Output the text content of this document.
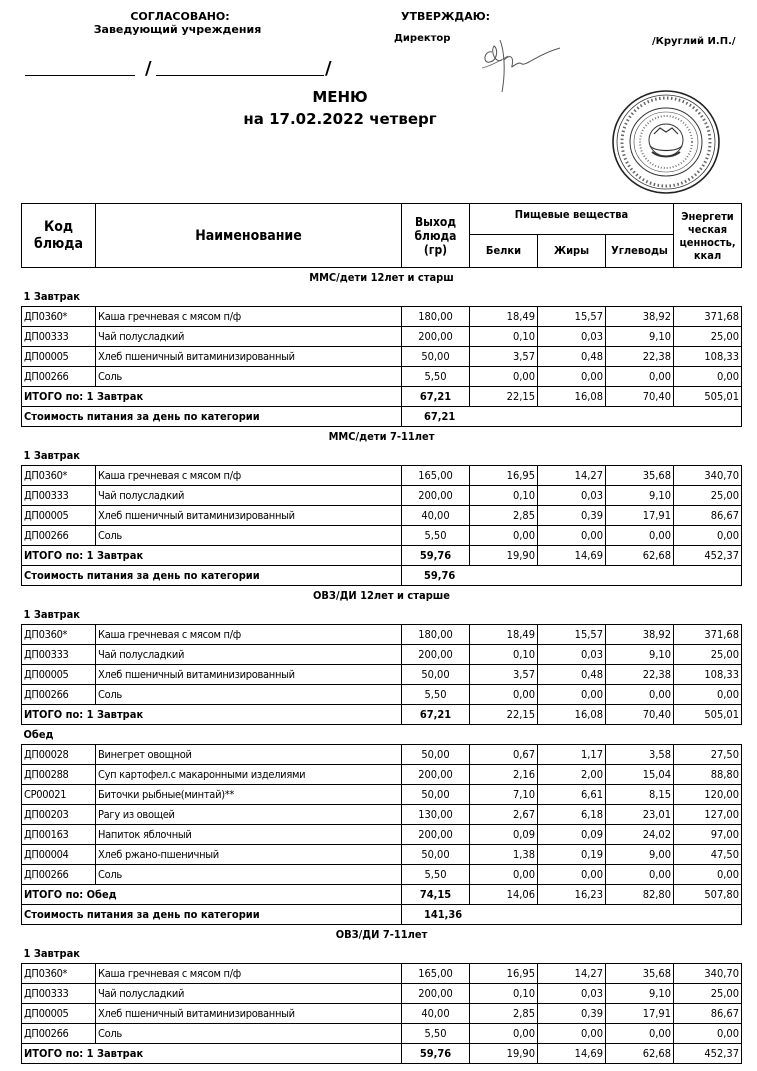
СОГЛАСОВАНО:
Заведующий учреждения
/	/
УТВЕРЖДАЮ:
Директор	/Круглий И.П./
МЕНЮ
на 17.02.2022 четверг
Код блюда	Наименование	Выход блюда (гр)	Пищевые вещества			Энергети ческая ценность, ккал
			Белки	Жиры	Углеводы	
ММС/дети 12лет и старш						
1 Завтрак						
ДП0360*	Каша гречневая с мясом п/ф	180,00	18,49	15,57	38,92	371,68
ДП00333	Чай полусладкий	200,00	0,10	0,03	9,10	25,00
ДП00005	Хлеб пшеничный витаминизированный	50,00	3,57	0,48	22,38	108,33
ДП00266	Соль	5,50	0,00	0,00	0,00	0,00
ИТОГО по: 1 Завтрак		67,21	22,15	16,08	70,40	505,01
Стоимость питания за день по категории		67,21				
ММС/дети 7-11лет						
1 Завтрак						
ДП0360*	Каша гречневая с мясом п/ф	165,00	16,95	14,27	35,68	340,70
ДП00333	Чай полусладкий	200,00	0,10	0,03	9,10	25,00
ДП00005	Хлеб пшеничный витаминизированный	40,00	2,85	0,39	17,91	86,67
ДП00266	Соль	5,50	0,00	0,00	0,00	0,00
ИТОГО по: 1 Завтрак		59,76	19,90	14,69	62,68	452,37
Стоимость питания за день по категории		59,76				
ОВЗ/ДИ 12лет и старше						
1 Завтрак						
ДП0360*	Каша гречневая с мясом п/ф	180,00	18,49	15,57	38,92	371,68
ДП00333	Чай полусладкий	200,00	0,10	0,03	9,10	25,00
ДП00005	Хлеб пшеничный витаминизированный	50,00	3,57	0,48	22,38	108,33
ДП00266	Соль	5,50	0,00	0,00	0,00	0,00
ИТОГО по: 1 Завтрак		67,21	22,15	16,08	70,40	505,01
Обед						
ДП00028	Винегрет овощной	50,00	0,67	1,17	3,58	27,50
ДП00288	Суп картофел.с макаронными изделиями	200,00	2,16	2,00	15,04	88,80
СР00021	Биточки рыбные(минтай)**	50,00	7,10	6,61	8,15	120,00
ДП00203	Рагу из овощей	130,00	2,67	6,18	23,01	127,00
ДП00163	Напиток яблочный	200,00	0,09	0,09	24,02	97,00
ДП00004	Хлеб ржано-пшеничный	50,00	1,38	0,19	9,00	47,50
ДП00266	Соль	5,50	0,00	0,00	0,00	0,00
ИТОГО по: Обед		74,15	14,06	16,23	82,80	507,80
Стоимость питания за день по категории		141,36				
ОВЗ/ДИ 7-11лет						
1 Завтрак						
ДП0360*	Каша гречневая с мясом п/ф	165,00	16,95	14,27	35,68	340,70
ДП00333	Чай полусладкий	200,00	0,10	0,03	9,10	25,00
ДП00005	Хлеб пшеничный витаминизированный	40,00	2,85	0,39	17,91	86,67
ДП00266	Соль	5,50	0,00	0,00	0,00	0,00
ИТОГО по: 1 Завтрак		59,76	19,90	14,69	62,68	452,37
